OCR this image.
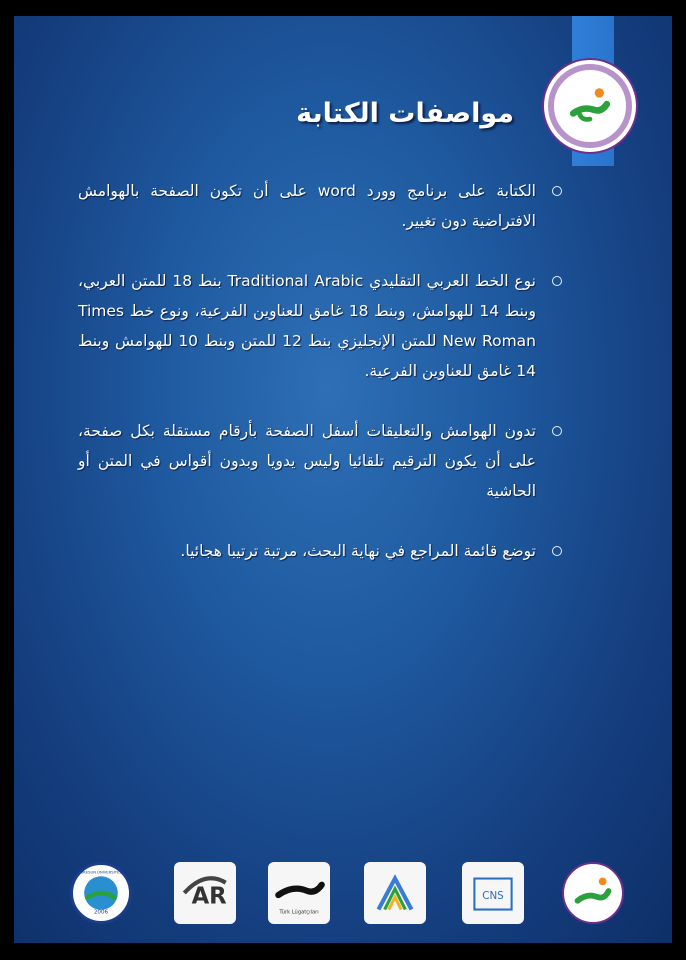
مواصفات الكتابة
الكتابة على برنامج وورد word على أن تكون الصفحة بالهوامش الافتراضية دون تغيير.
نوع الخط العربي التقليدي Traditional Arabic بنط 18 للمتن العربي، وبنط 14 للهوامش، وبنط 18 غامق للعناوين الفرعية، ونوع خط Times New Roman للمتن الإنجليزي بنط 12 للمتن وبنط 10 للهوامش وبنط 14 غامق للعناوين الفرعية.
تدون الهوامش والتعليقات أسفل الصفحة بأرقام مستقلة بكل صفحة، على أن يكون الترقيم تلقائيا وليس يدويا وبدون أقواس في المتن أو الحاشية
توضع قائمة المراجع في نهاية البحث، مرتبة ترتيبا هجائيا.
2006
GİRESUN ÜNİVERSİTESİ
AR
Türk Lügatçıları
CNS
